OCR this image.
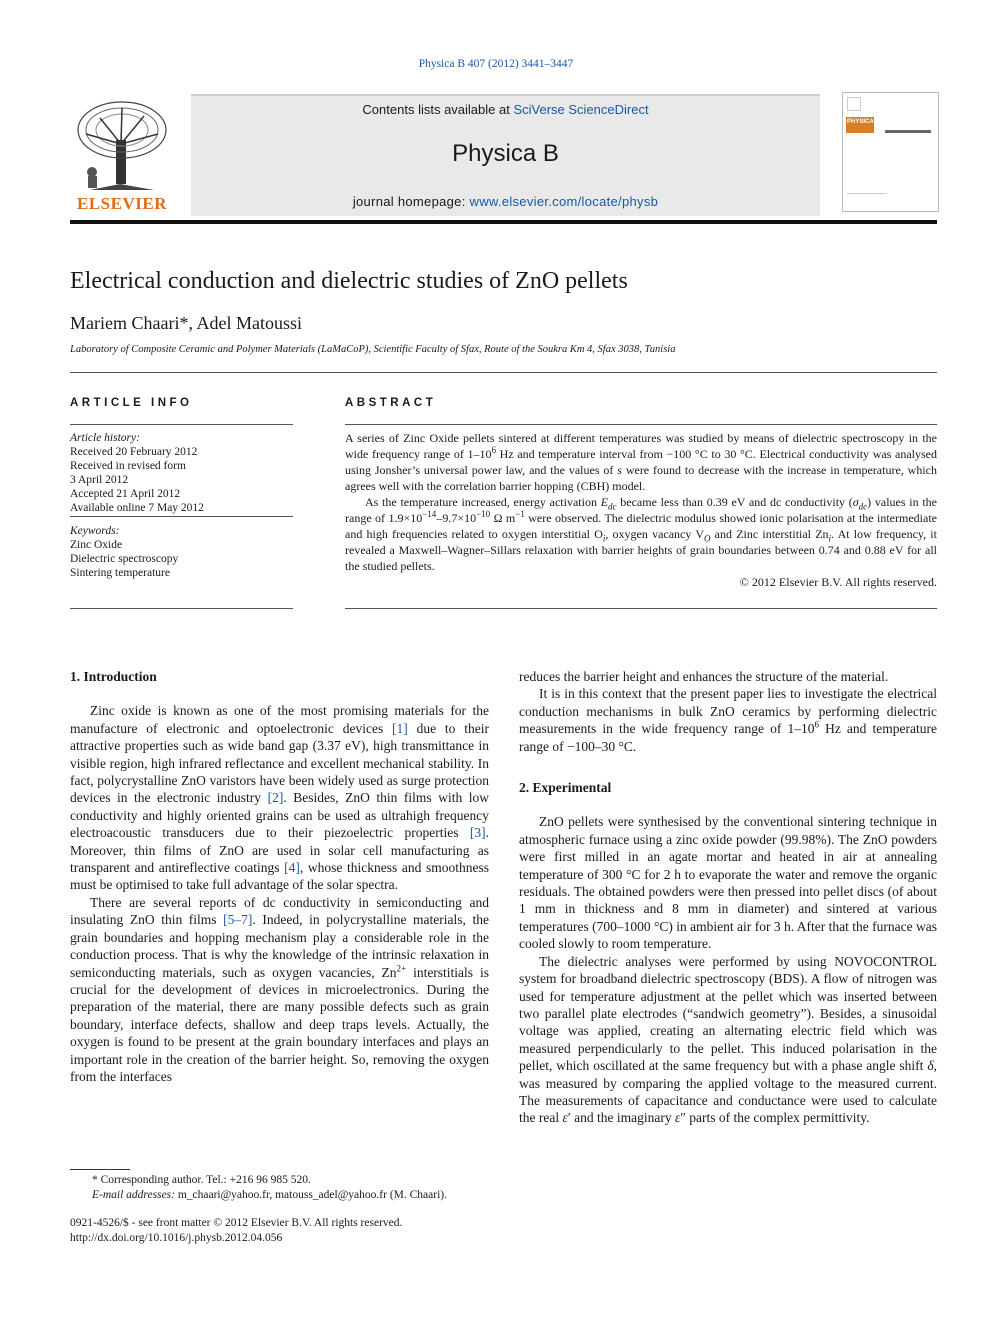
Physica B 407 (2012) 3441–3447
ELSEVIER
Contents lists available at SciVerse ScienceDirect
Physica B
journal homepage: www.elsevier.com/locate/physb
PHYSICA
Electrical conduction and dielectric studies of ZnO pellets
Mariem Chaari*, Adel Matoussi
Laboratory of Composite Ceramic and Polymer Materials (LaMaCoP), Scientific Faculty of Sfax, Route of the Soukra Km 4, Sfax 3038, Tunisia
ARTICLE INFO	ABSTRACT
Article history:
Received 20 February 2012
Received in revised form
3 April 2012
Accepted 21 April 2012
Available online 7 May 2012
Keywords:
Zinc Oxide
Dielectric spectroscopy
Sintering temperature

A series of Zinc Oxide pellets sintered at different temperatures was studied by means of dielectric spectroscopy in the wide frequency range of $1-10^6$ Hz and temperature interval from −100 °C to 30 °C. Electrical conductivity was analysed using Jonsher’s universal power law, and the values of s were found to decrease with the increase in temperature, which agrees well with the correlation barrier hopping (CBH) model.

As the temperature increased, energy activation $E_{dc}$ became less than 0.39 eV and dc conductivity $(\sigma_{dc})$ values in the range of $1.9\times 10^{-14}-9.7\times 10^{-10}$ Ω $m^{-1}$ were observed. The dielectric modulus showed ionic polarisation at the intermediate and high frequencies related to oxygen interstitial $O_i$, oxygen vacancy $V_O$ and Zinc interstitial $Zn_i$. At low frequency, it revealed a Maxwell–Wagner–Sillars relaxation with barrier heights of grain boundaries between 0.74 and 0.88 eV for all the studied pellets.

© 2012 Elsevier B.V. All rights reserved.
1. Introduction

Zinc oxide is known as one of the most promising materials for the manufacture of electronic and optoelectronic devices [1] due to their attractive properties such as wide band gap (3.37 eV), high transmittance in visible region, high infrared reflectance and excellent mechanical stability. In fact, polycrystalline ZnO varistors have been widely used as surge protection devices in the electronic industry [2]. Besides, ZnO thin films with low conductivity and highly oriented grains can be used as ultrahigh frequency electroacoustic transducers due to their piezoelectric properties [3]. Moreover, thin films of ZnO are used in solar cell manufacturing as transparent and antireflective coatings [4], whose thickness and smoothness must be optimised to take full advantage of the solar spectra.

There are several reports of dc conductivity in semiconducting and insulating ZnO thin films [5–7]. Indeed, in polycrystalline materials, the grain boundaries and hopping mechanism play a considerable role in the conduction process. That is why the knowledge of the intrinsic relaxation in semiconducting materials, such as oxygen vacancies, $Zn^{2+}$ interstitials is crucial for the development of devices in microelectronics. During the preparation of the material, there are many possible defects such as grain boundary, interface defects, shallow and deep traps levels. Actually, the oxygen is found to be present at the grain boundary interfaces and plays an important role in the creation of the barrier height. So, removing the oxygen from the interfaces

reduces the barrier height and enhances the structure of the material.

It is in this context that the present paper lies to investigate the electrical conduction mechanisms in bulk ZnO ceramics by performing dielectric measurements in the wide frequency range of $1-10^6$ Hz and temperature range of −100–30 °C.

2. Experimental

ZnO pellets were synthesised by the conventional sintering technique in atmospheric furnace using a zinc oxide powder (99.98%). The ZnO powders were first milled in an agate mortar and heated in air at annealing temperature of 300 °C for 2 h to evaporate the water and remove the organic residuals. The obtained powders were then pressed into pellet discs (of about 1 mm in thickness and 8 mm in diameter) and sintered at various temperatures (700–1000 °C) in ambient air for 3 h. After that the furnace was cooled slowly to room temperature.

The dielectric analyses were performed by using NOVOCONTROL system for broadband dielectric spectroscopy (BDS). A flow of nitrogen was used for temperature adjustment at the pellet which was inserted between two parallel plate electrodes (“sandwich geometry”). Besides, a sinusoidal voltage was applied, creating an alternating electric field which was measured perpendicularly to the pellet. This induced polarisation in the pellet, which oscillated at the same frequency but with a phase angle shift δ, was measured by comparing the applied voltage to the measured current. The measurements of capacitance and conductance were used to calculate the real ε′ and the imaginary ε″ parts of the complex permittivity.

* Corresponding author. Tel.: +216 96 985 520.
E-mail addresses: m_chaari@yahoo.fr, matouss_adel@yahoo.fr (M. Chaari).
0921-4526/$ - see front matter © 2012 Elsevier B.V. All rights reserved.
http://dx.doi.org/10.1016/j.physb.2012.04.056
